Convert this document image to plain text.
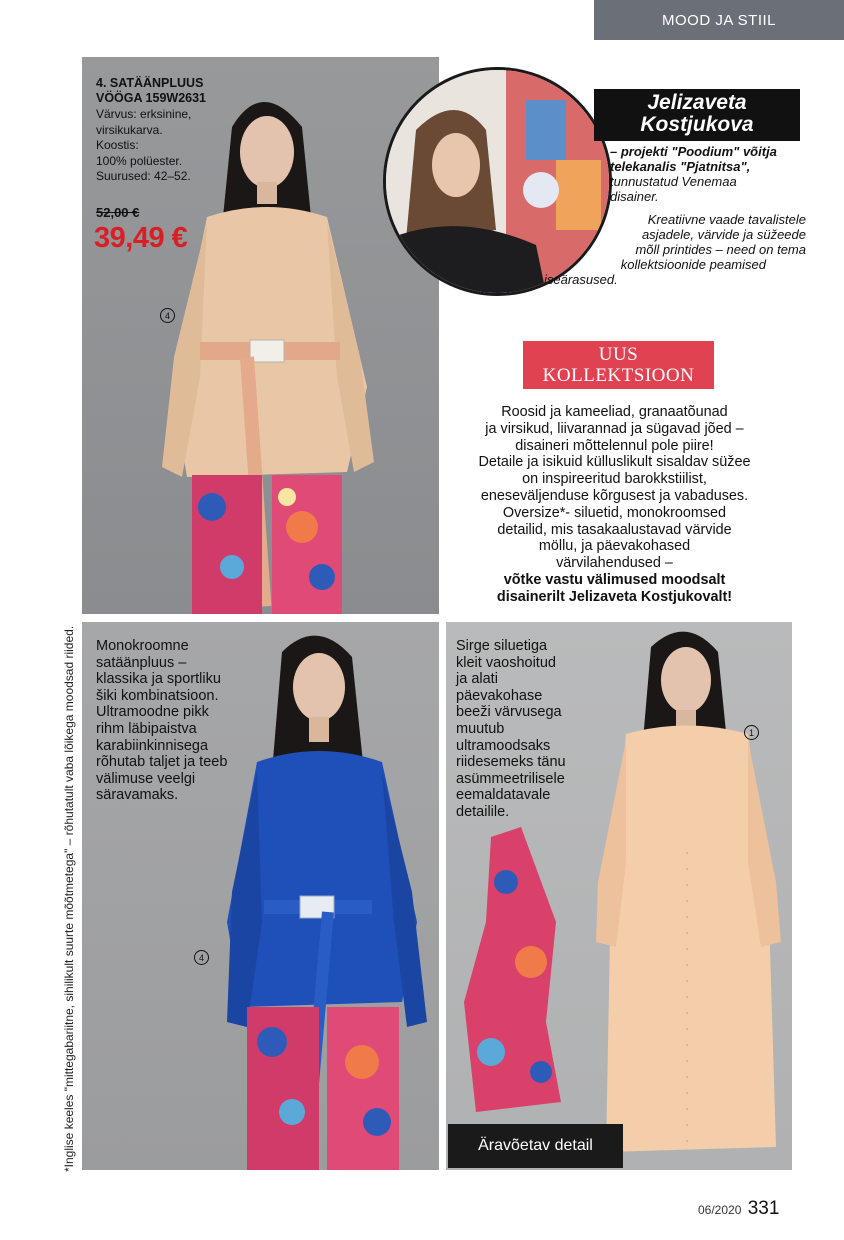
MOOD JA STIIL
4. SATÄÄNPLUUS
VÖÖGA 159W2631
Värvus: erksinine,
virsikukarva.
Koostis:
100% polüester.
Suurused: 42–52.
52,00 €
39,49 €
4
Jelizaveta
Kostjukova
– projekti "Poodium" võitja
telekanalis "Pjatnitsa",
tunnustatud Venemaa
disainer.
Kreatiivne vaade tavalistele
asjadele, värvide ja süžeede
mõll printides – need on tema
kollektsioonide peamised
iseärasused.
UUS
KOLLEKTSIOON
Roosid ja kameeliad, granaatõunad
ja virsikud, liivarannad ja sügavad jõed –
disaineri mõttelennul pole piire!
Detaile ja isikuid külluslikult sisaldav süžee
on inspireeritud barokkstiilist,
eneseväljenduse kõrgusest ja vabaduses.
Oversize*- siluetid, monokroomsed
detailid, mis tasakaalustavad värvide
möllu, ja päevakohased
värvilahendused –
võtke vastu välimused moodsalt
disainerilt Jelizaveta Kostjukovalt!
Monokroomne
satäänpluus –
klassika ja sportliku
šiki kombinatsioon.
Ultramoodne pikk
rihm läbipaistva
karabiinkinnisega
rõhutab taljet ja teeb
välimuse veelgi
säravamaks.
4
Sirge siluetiga
kleit vaoshoitud
ja alati
päevakohase
beeži värvusega
muutub
ultramoodsaks
riidesemeks tänu
asümmeetrilisele
eemaldatavale
detailile.
1
Äravõetav detail
*Inglise keeles "mittegabariitne, sihilikult suurte mõõtmetega" – rõhutatult vaba lõikega moodsad riided.
06/2020 331
